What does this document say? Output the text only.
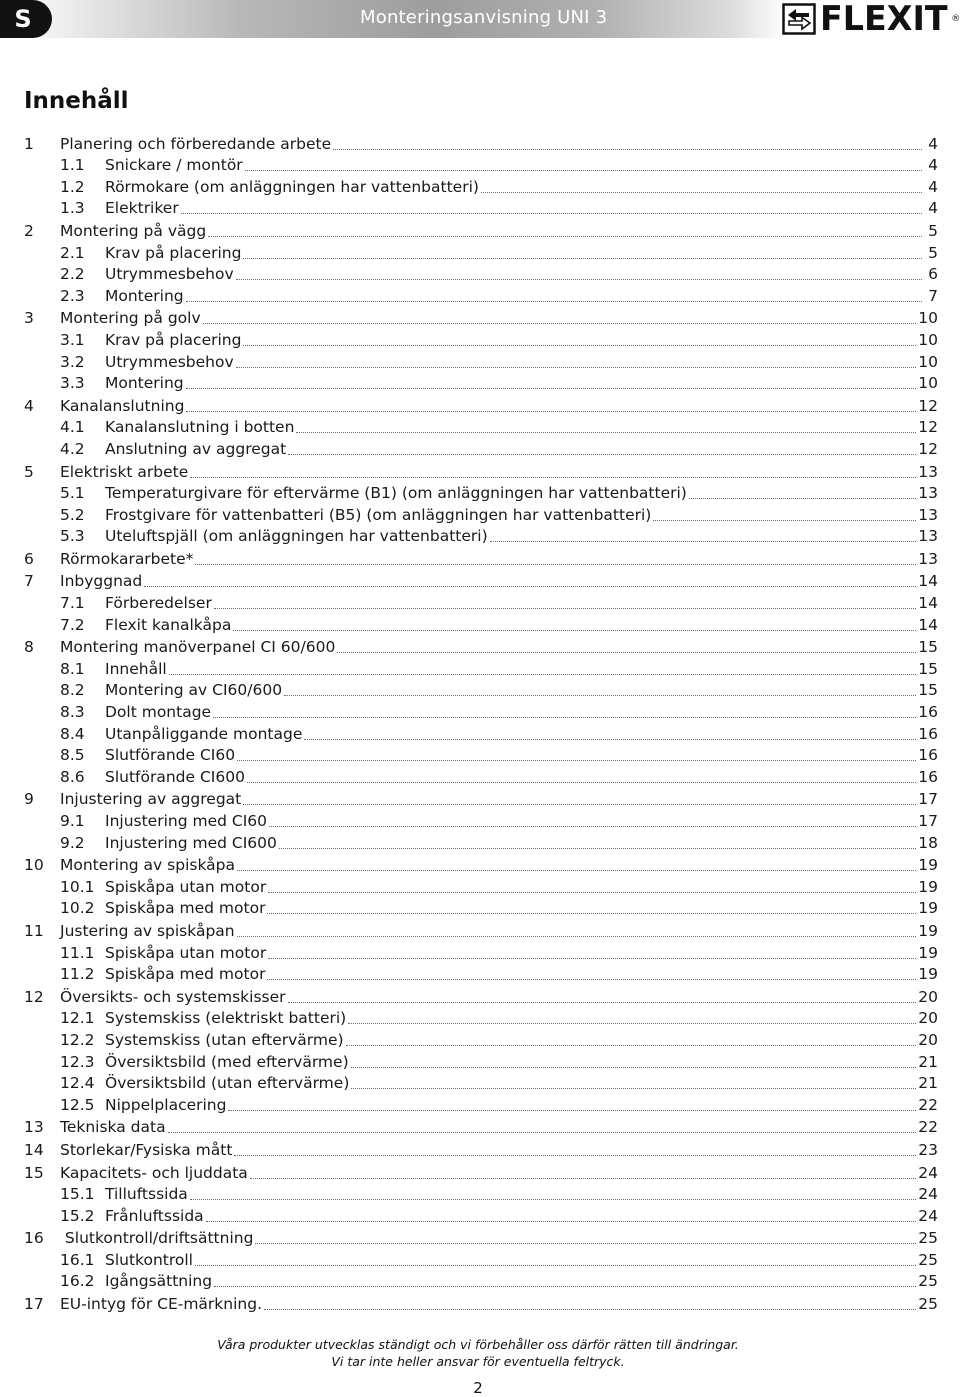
S	Monteringsanvisning UNI 3	FLEXIT ®
Innehåll
1	Planering och förberedande arbete	4
1.1	Snickare / montör	4
1.2	Rörmokare (om anläggningen har vattenbatteri)	4
1.3	Elektriker	4
2	Montering på vägg	5
2.1	Krav på placering	5
2.2	Utrymmesbehov	6
2.3	Montering	7
3	Montering på golv	10
3.1	Krav på placering	10
3.2	Utrymmesbehov	10
3.3	Montering	10
4	Kanalanslutning	12
4.1	Kanalanslutning i botten	12
4.2	Anslutning av aggregat	12
5	Elektriskt arbete	13
5.1	Temperaturgivare för eftervärme (B1) (om anläggningen har vattenbatteri)	13
5.2	Frostgivare för vattenbatteri (B5) (om anläggningen har vattenbatteri)	13
5.3	Uteluftspjäll (om anläggningen har vattenbatteri)	13
6	Rörmokararbete*	13
7	Inbyggnad	14
7.1	Förberedelser	14
7.2	Flexit kanalkåpa	14
8	Montering manöverpanel CI 60/600	15
8.1	Innehåll	15
8.2	Montering av CI60/600	15
8.3	Dolt montage	16
8.4	Utanpåliggande montage	16
8.5	Slutförande CI60	16
8.6	Slutförande CI600	16
9	Injustering av aggregat	17
9.1	Injustering med CI60	17
9.2	Injustering med CI600	18
10	Montering av spiskåpa	19
10.1 Spiskåpa utan motor	19
10.2 Spiskåpa med motor	19
11	Justering av spiskåpan	19
11.1 Spiskåpa utan motor	19
11.2 Spiskåpa med motor	19
12	Översikts- och systemskisser	20
12.1 Systemskiss (elektriskt batteri)	20
12.2 Systemskiss (utan eftervärme)	20
12.3 Översiktsbild (med eftervärme)	21
12.4 Översiktsbild (utan eftervärme)	21
12.5 Nippelplacering	22
13	Tekniska data	22
14	Storlekar/Fysiska mått	23
15	Kapacitets- och ljuddata	24
15.1 Tilluftssida	24
15.2 Frånluftssida	24
16	Slutkontroll/driftsättning	25
16.1 Slutkontroll	25
16.2 Igångsättning	25
17	EU-intyg för CE-märkning.	25
Våra produkter utvecklas ständigt och vi förbehåller oss därför rätten till ändringar.
Vi tar inte heller ansvar för eventuella feltryck.
2
